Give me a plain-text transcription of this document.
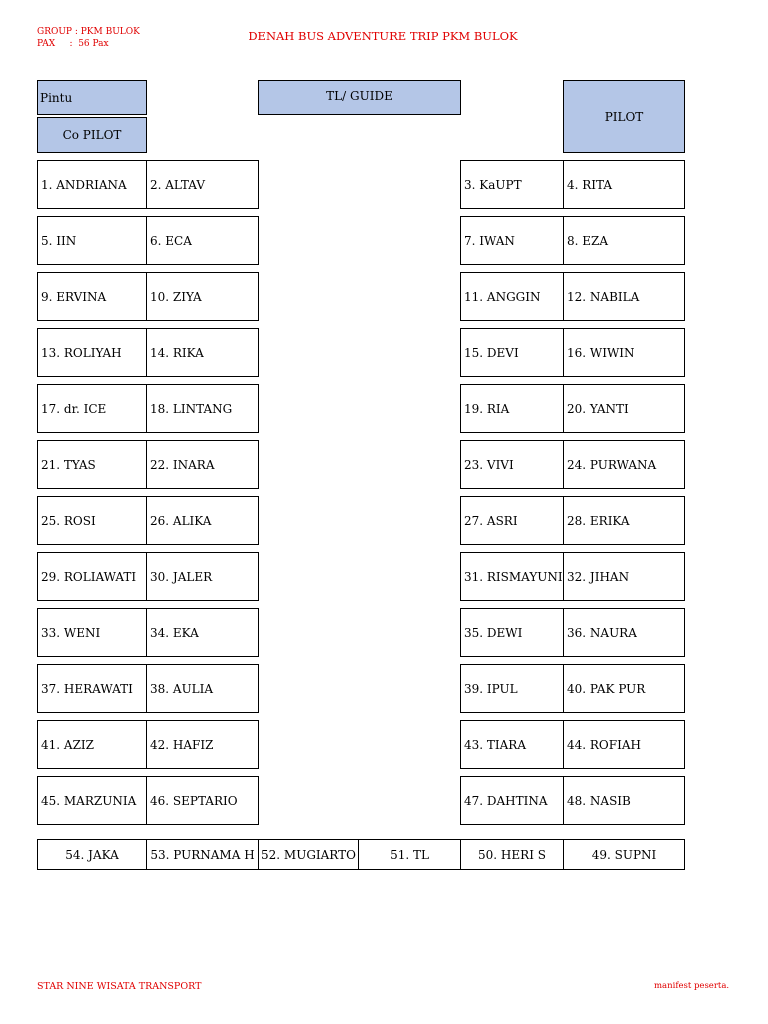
GROUP : PKM BULOK
PAX     :  56 Pax
DENAH BUS ADVENTURE TRIP PKM BULOK
Pintu
Co PILOT
TL/ GUIDE
PILOT
1. ANDRIANA	2. ALTAV	3. KaUPT	4. RITA
5. IIN	6. ECA	7. IWAN	8. EZA
9. ERVINA	10. ZIYA	11. ANGGIN	12. NABILA
13. ROLIYAH	14. RIKA	15. DEVI	16. WIWIN
17. dr. ICE	18. LINTANG	19. RIA	20. YANTI
21. TYAS	22. INARA	23. VIVI	24. PURWANA
25. ROSI	26. ALIKA	27. ASRI	28. ERIKA
29. ROLIAWATI	30. JALER	31. RISMAYUNI 32. JIHAN
33. WENI	34. EKA	35. DEWI	36. NAURA
37. HERAWATI	38. AULIA	39. IPUL	40. PAK PUR
41. AZIZ	42. HAFIZ	43. TIARA	44. ROFIAH
45. MARZUNIA	46. SEPTARIO	47. DAHTINA	48. NASIB
54. JAKA	53. PURNAMA H 52. MUGIARTO	51. TL	50. HERI S	49. SUPNI
STAR NINE WISATA TRANSPORT	manifest peserta.
